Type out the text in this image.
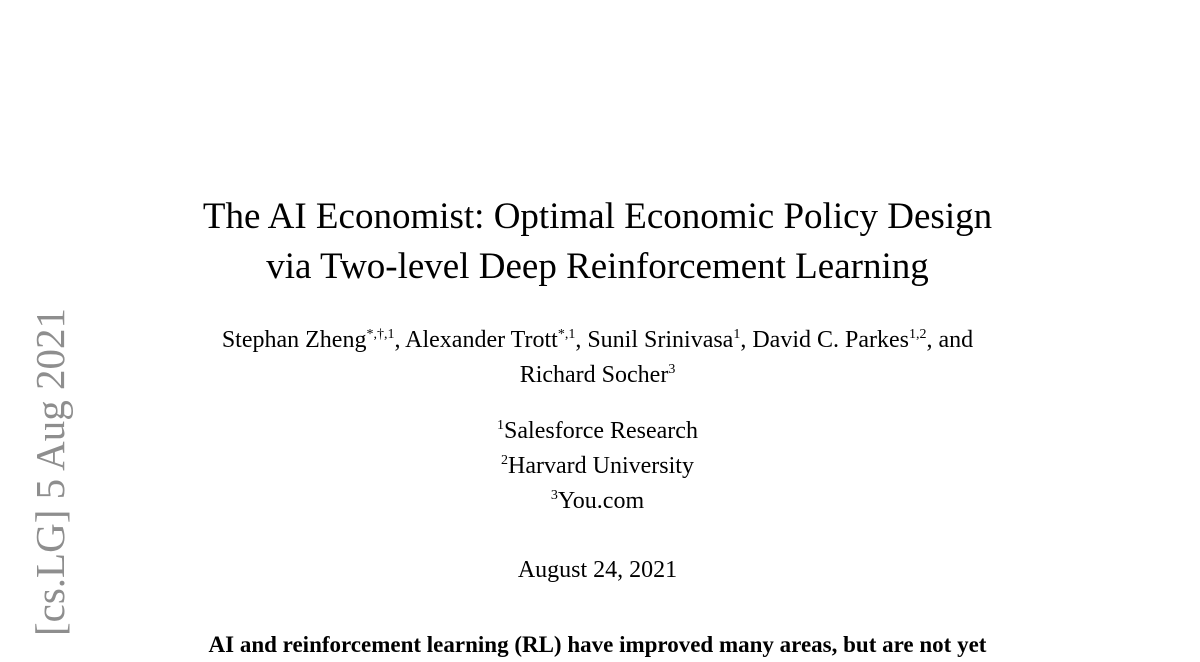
[cs.LG] 5 Aug 2021
The AI Economist: Optimal Economic Policy Design
via Two-level Deep Reinforcement Learning
Stephan Zheng$^{*,\dagger,1}$, Alexander Trott$^{*,1}$, Sunil Srinivasa$^1$, David C. Parkes$^{1,2}$, and
Richard Socher$^3$
$^1$Salesforce Research
$^2$Harvard University
$^3$You.com
August 24, 2021
AI and reinforcement learning (RL) have improved many areas, but are not yet
